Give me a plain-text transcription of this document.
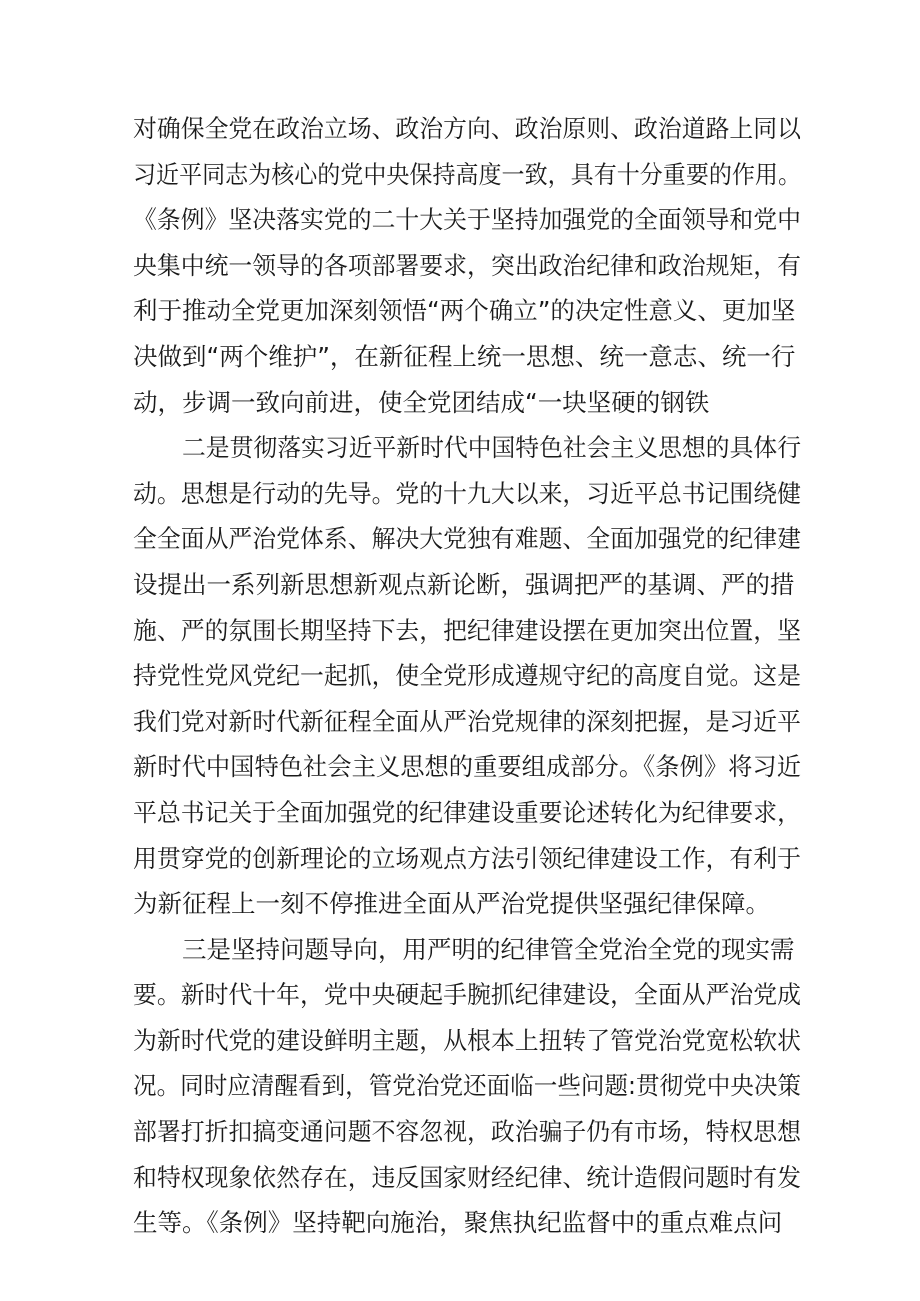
对确保全党在政治立场、政治方向、政治原则、政治道路上同以
习近平同志为核心的党中央保持高度一致，具有十分重要的作用。
《条例》坚决落实党的二十大关于坚持加强党的全面领导和党中
央集中统一领导的各项部署要求，突出政治纪律和政治规矩，有
利于推动全党更加深刻领悟“两个确立”的决定性意义、更加坚
决做到“两个维护”，在新征程上统一思想、统一意志、统一行
动，步调一致向前进，使全党团结成“一块坚硬的钢铁
二是贯彻落实习近平新时代中国特色社会主义思想的具体行
动。思想是行动的先导。党的十九大以来，习近平总书记围绕健
全全面从严治党体系、解决大党独有难题、全面加强党的纪律建
设提出一系列新思想新观点新论断，强调把严的基调、严的措
施、严的氛围长期坚持下去，把纪律建设摆在更加突出位置，坚
持党性党风党纪一起抓，使全党形成遵规守纪的高度自觉。这是
我们党对新时代新征程全面从严治党规律的深刻把握，是习近平
新时代中国特色社会主义思想的重要组成部分。《条例》将习近
平总书记关于全面加强党的纪律建设重要论述转化为纪律要求，
用贯穿党的创新理论的立场观点方法引领纪律建设工作，有利于
为新征程上一刻不停推进全面从严治党提供坚强纪律保障。
三是坚持问题导向，用严明的纪律管全党治全党的现实需
要。新时代十年，党中央硬起手腕抓纪律建设，全面从严治党成
为新时代党的建设鲜明主题，从根本上扭转了管党治党宽松软状
况。同时应清醒看到，管党治党还面临一些问题:贯彻党中央决策
部署打折扣搞变通问题不容忽视，政治骗子仍有市场，特权思想
和特权现象依然存在，违反国家财经纪律、统计造假问题时有发
生等。《条例》坚持靶向施治，聚焦执纪监督中的重点难点问
